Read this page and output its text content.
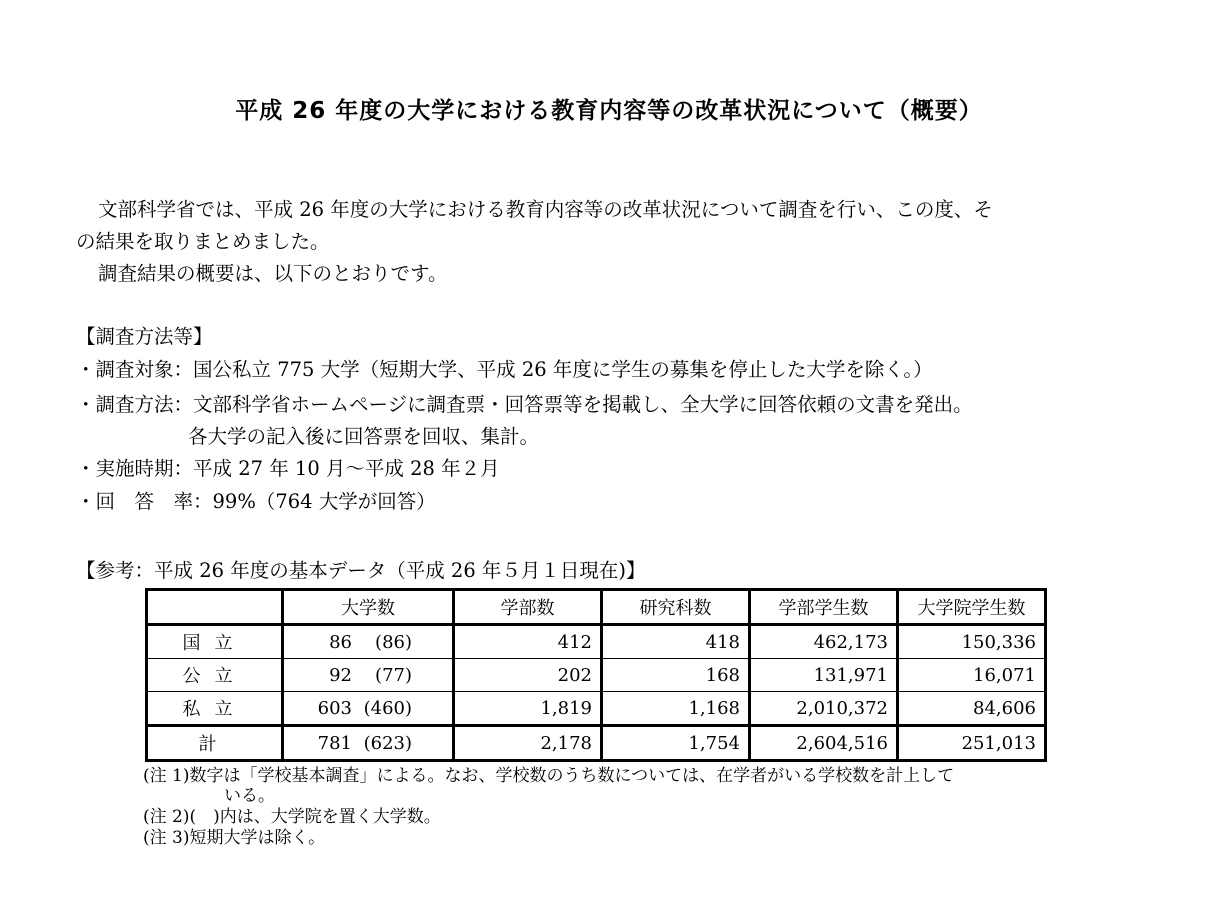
平成 26 年度の大学における教育内容等の改革状況について（概要）
文部科学省では、平成 26 年度の大学における教育内容等の改革状況について調査を行い、この度、そ
の結果を取りまとめました。
調査結果の概要は、以下のとおりです。
【調査方法等】
・調査対象：国公私立 775 大学（短期大学、平成 26 年度に学生の募集を停止した大学を除く。）
・調査方法：文部科学省ホームページに調査票・回答票等を掲載し、全大学に回答依頼の文書を発出。
各大学の記入後に回答票を回収、集計。
・実施時期：平成 27 年 10 月～平成 28 年２月
・回　答　率：99%（764 大学が回答）
【参考：平成 26 年度の基本データ（平成 26 年５月１日現在)】
	大学数	学部数	研究科数	学部学生数	大学院学生数
国立	86 (86)	412	418	462,173	150,336
公立	92 (77)	202	168	131,971	16,071
私立	603 (460)	1,819	1,168	2,010,372	84,606
計	781 (623)	2,178	1,754	2,604,516	251,013
(注 1)数字は「学校基本調査」による。なお、学校数のうち数については、在学者がいる学校数を計上して
いる。
(注 2)(　)内は、大学院を置く大学数。
(注 3)短期大学は除く。
